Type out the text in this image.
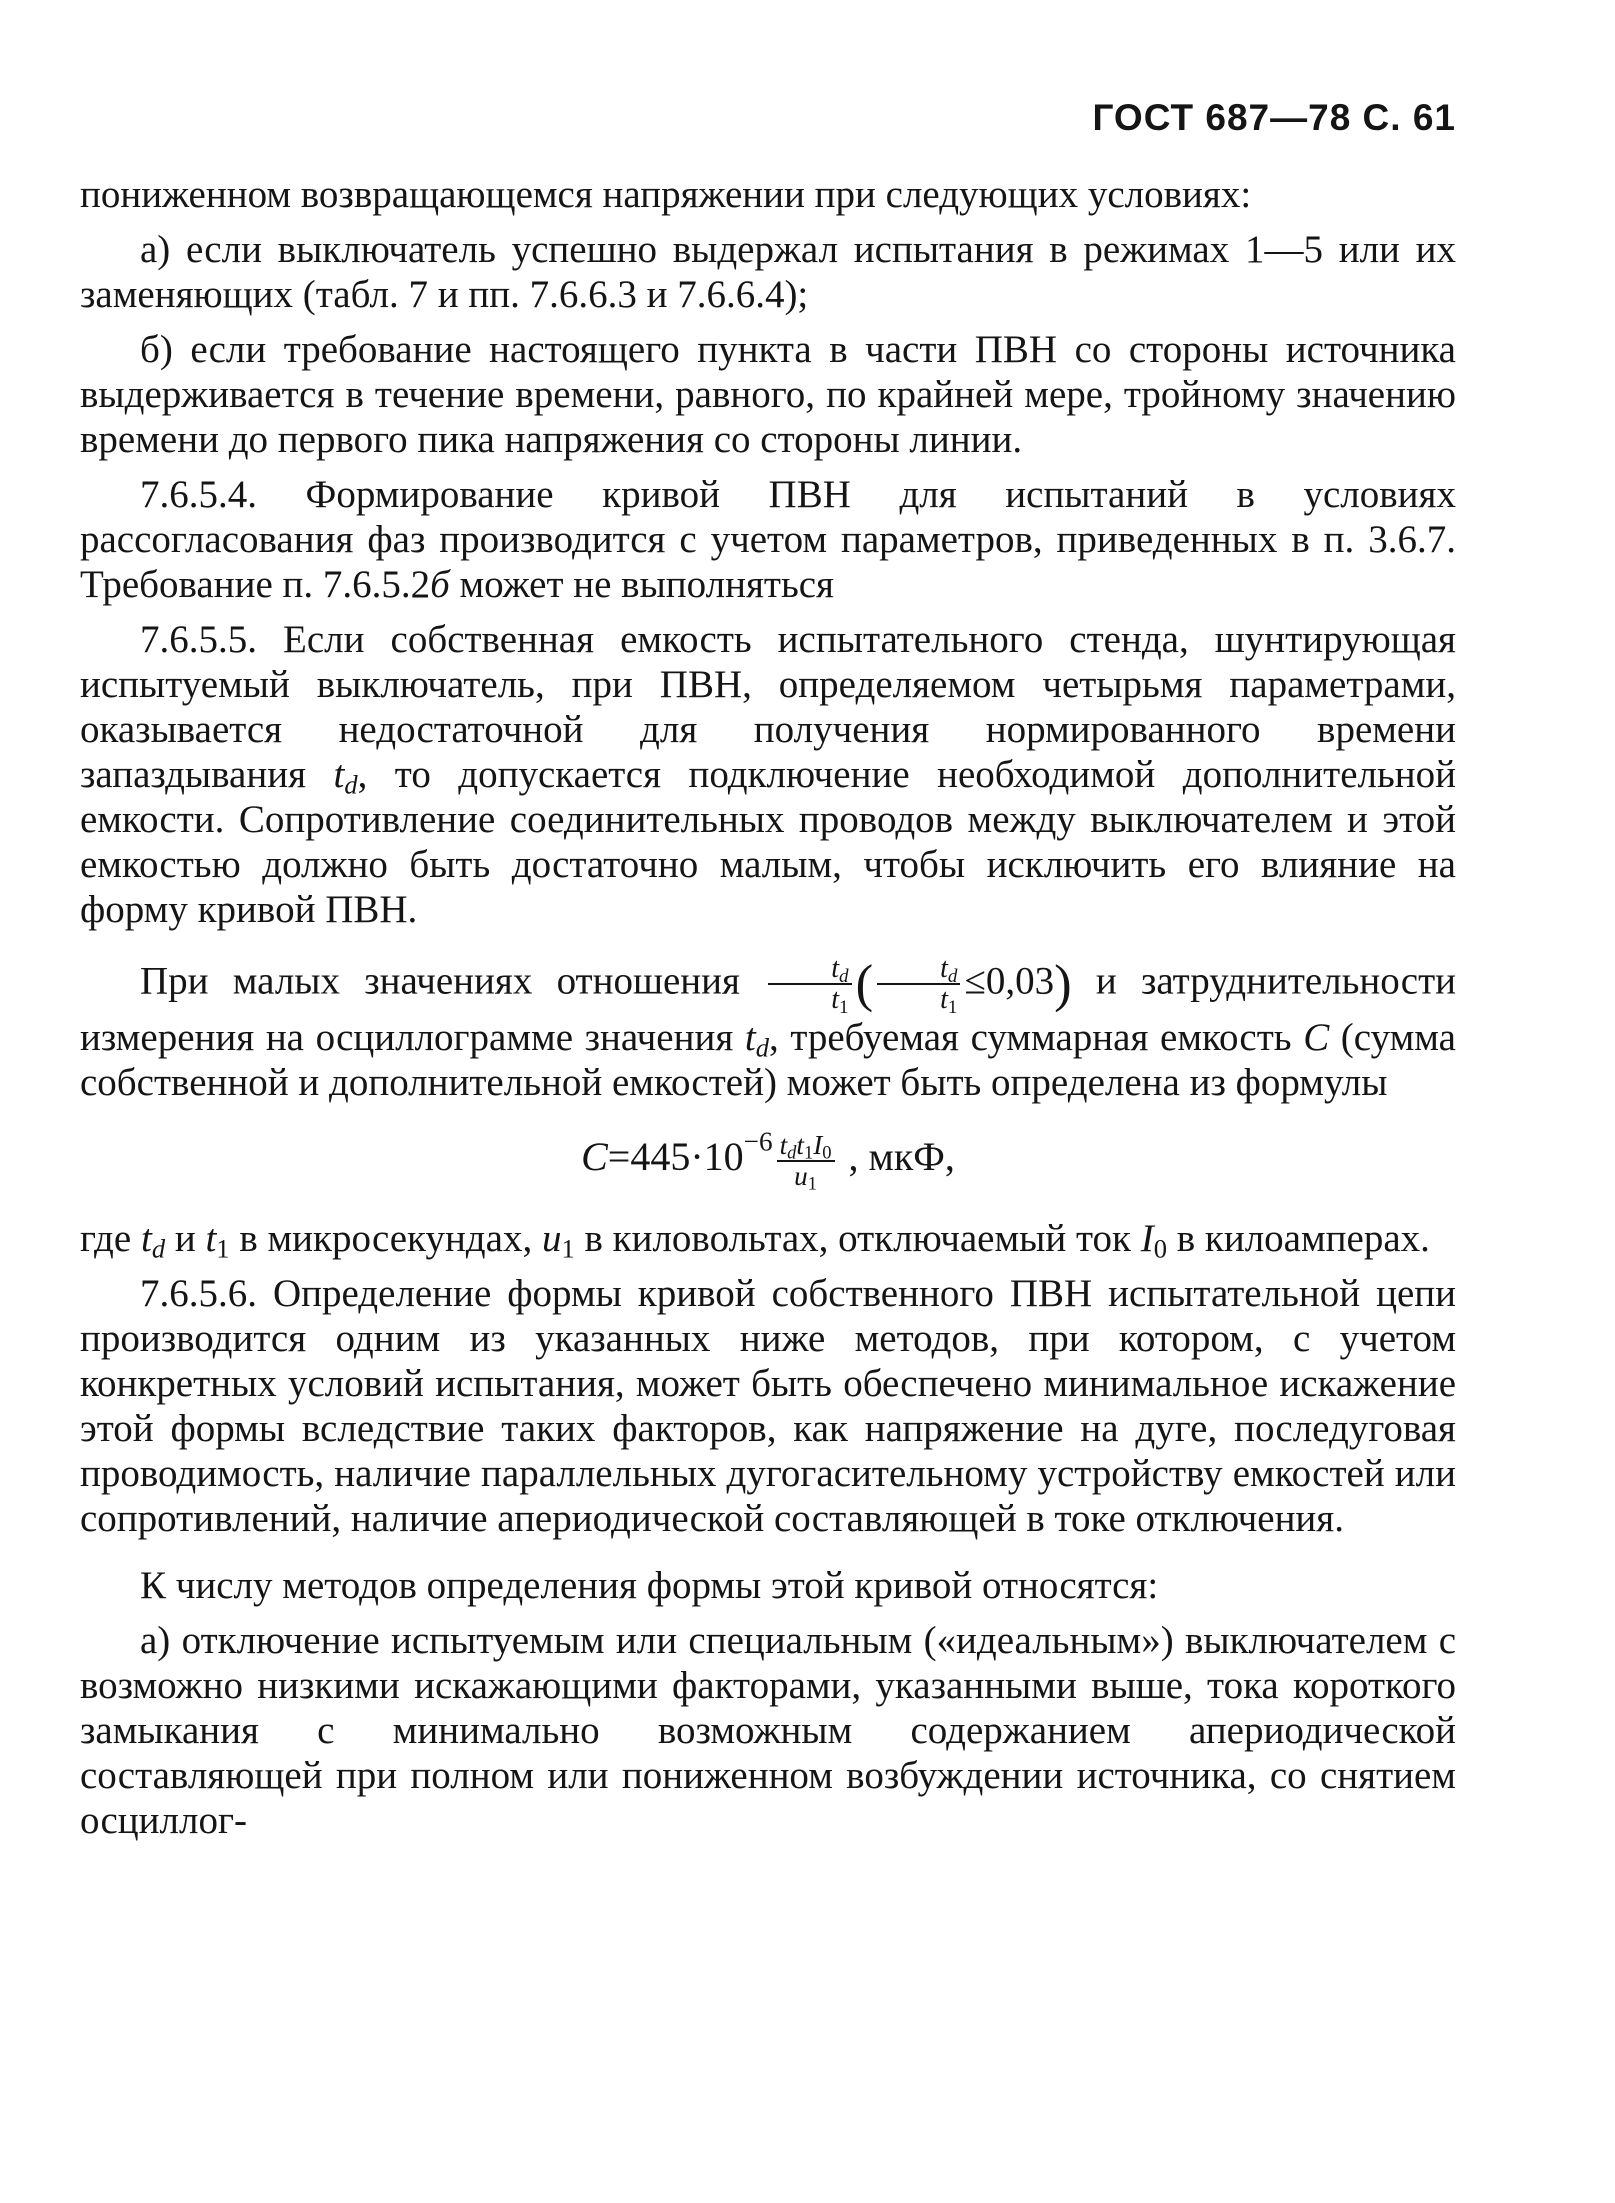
ГОСТ 687—78 С. 61

пониженном возвращающемся напряжении при следующих условиях:

а) если выключатель успешно выдержал испытания в режимах 1—5 или их заменяющих (табл. 7 и пп. 7.6.6.3 и 7.6.6.4);

б) если требование настоящего пункта в части ПВН со стороны источника выдерживается в течение времени, равного, по крайней мере, тройному значению времени до первого пика напряжения со стороны линии.

7.6.5.4. Формирование кривой ПВН для испытаний в условиях рассогласования фаз производится с учетом параметров, приведенных в п. 3.6.7. Требование п. 7.6.5.2б может не выполняться

7.6.5.5. Если собственная емкость испытательного стенда, шунтирующая испытуемый выключатель, при ПВН, определяемом четырьмя параметрами, оказывается недостаточной для получения нормированного времени запаздывания $t_d$, то допускается подключение необходимой дополнительной емкости. Сопротивление соединительных проводов между выключателем и этой емкостью должно быть достаточно малым, чтобы исключить его влияние на форму кривой ПВН.

При малых значениях отношения $\frac{t_d}{t_1}$ ( $\frac{t_d}{t_1} \le 0,03$) и затруднительности измерения на осциллограмме значения $t_d$, требуемая суммарная емкость C (сумма собственной и дополнительной емкостей) может быть определена из формулы

$C=445\cdot 10^{-6} \frac{t_dt_1I_0}{u_1}$ , мкФ,

где $t_d$ и $t_1$ в микросекундах, $u_1$ в киловольтах, отключаемый ток $I_0$ в килоамперах.

7.6.5.6. Определение формы кривой собственного ПВН испытательной цепи производится одним из указанных ниже методов, при котором, с учетом конкретных условий испытания, может быть обеспечено минимальное искажение этой формы вследствие таких факторов, как напряжение на дуге, последуговая проводимость, наличие параллельных дугогасительному устройству емкостей или сопротивлений, наличие апериодической составляющей в токе отключения.

К числу методов определения формы этой кривой относятся:

а) отключение испытуемым или специальным («идеальным») выключателем с возможно низкими искажающими факторами, указанными выше, тока короткого замыкания с минимально возможным содержанием апериодической составляющей при полном или пониженном возбуждении источника, со снятием осциллог-
